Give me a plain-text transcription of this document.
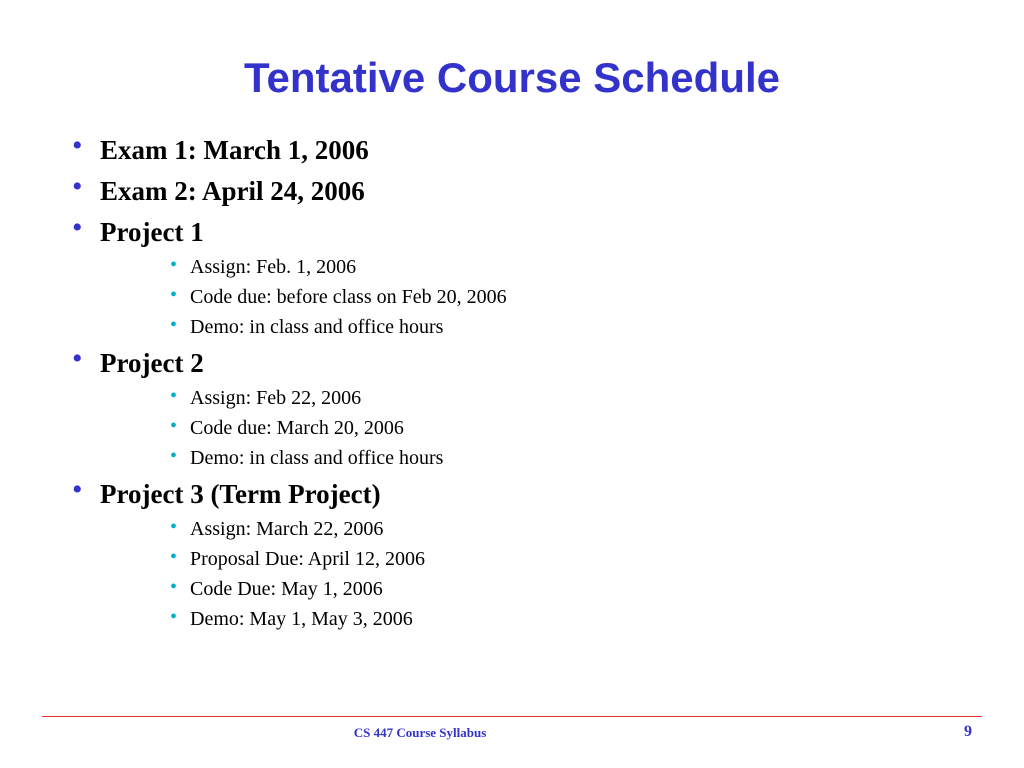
Tentative Course Schedule
• Exam 1: March 1, 2006
• Exam 2: April 24, 2006
• Project 1
• Assign: Feb. 1, 2006
• Code due: before class on Feb 20, 2006
• Demo: in class and office hours
• Project 2
• Assign: Feb 22, 2006
• Code due: March 20, 2006
• Demo: in class and office hours
• Project 3 (Term Project)
• Assign: March 22, 2006
• Proposal Due: April 12, 2006
• Code Due: May 1, 2006
• Demo: May 1, May 3, 2006
CS 447 Course Syllabus	9
